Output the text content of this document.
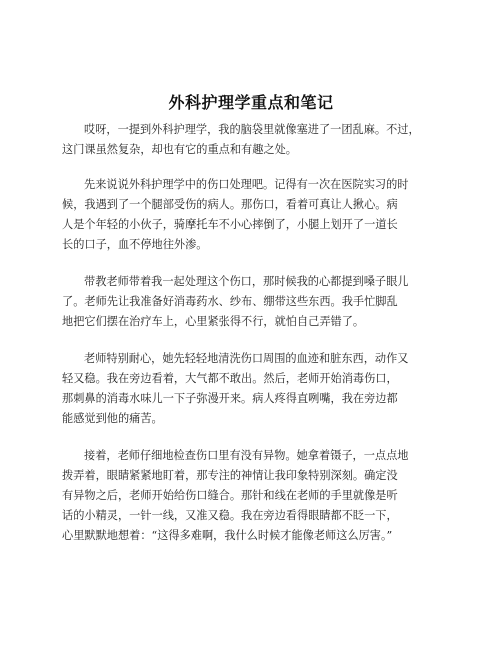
外科护理学重点和笔记
哎呀，一提到外科护理学，我的脑袋里就像塞进了一团乱麻。不过，
这门课虽然复杂，却也有它的重点和有趣之处。
先来说说外科护理学中的伤口处理吧。记得有一次在医院实习的时
候，我遇到了一个腿部受伤的病人。那伤口，看着可真让人揪心。病
人是个年轻的小伙子，骑摩托车不小心摔倒了，小腿上划开了一道长
长的口子，血不停地往外渗。
带教老师带着我一起处理这个伤口，那时候我的心都提到嗓子眼儿
了。老师先让我准备好消毒药水、纱布、绷带这些东西。我手忙脚乱
地把它们摆在治疗车上，心里紧张得不行，就怕自己弄错了。
老师特别耐心，她先轻轻地清洗伤口周围的血迹和脏东西，动作又
轻又稳。我在旁边看着，大气都不敢出。然后，老师开始消毒伤口，
那刺鼻的消毒水味儿一下子弥漫开来。病人疼得直咧嘴，我在旁边都
能感觉到他的痛苦。
接着，老师仔细地检查伤口里有没有异物。她拿着镊子，一点点地
拨弄着，眼睛紧紧地盯着，那专注的神情让我印象特别深刻。确定没
有异物之后，老师开始给伤口缝合。那针和线在老师的手里就像是听
话的小精灵，一针一线，又准又稳。我在旁边看得眼睛都不眨一下，
心里默默地想着：“这得多难啊，我什么时候才能像老师这么厉害。”
